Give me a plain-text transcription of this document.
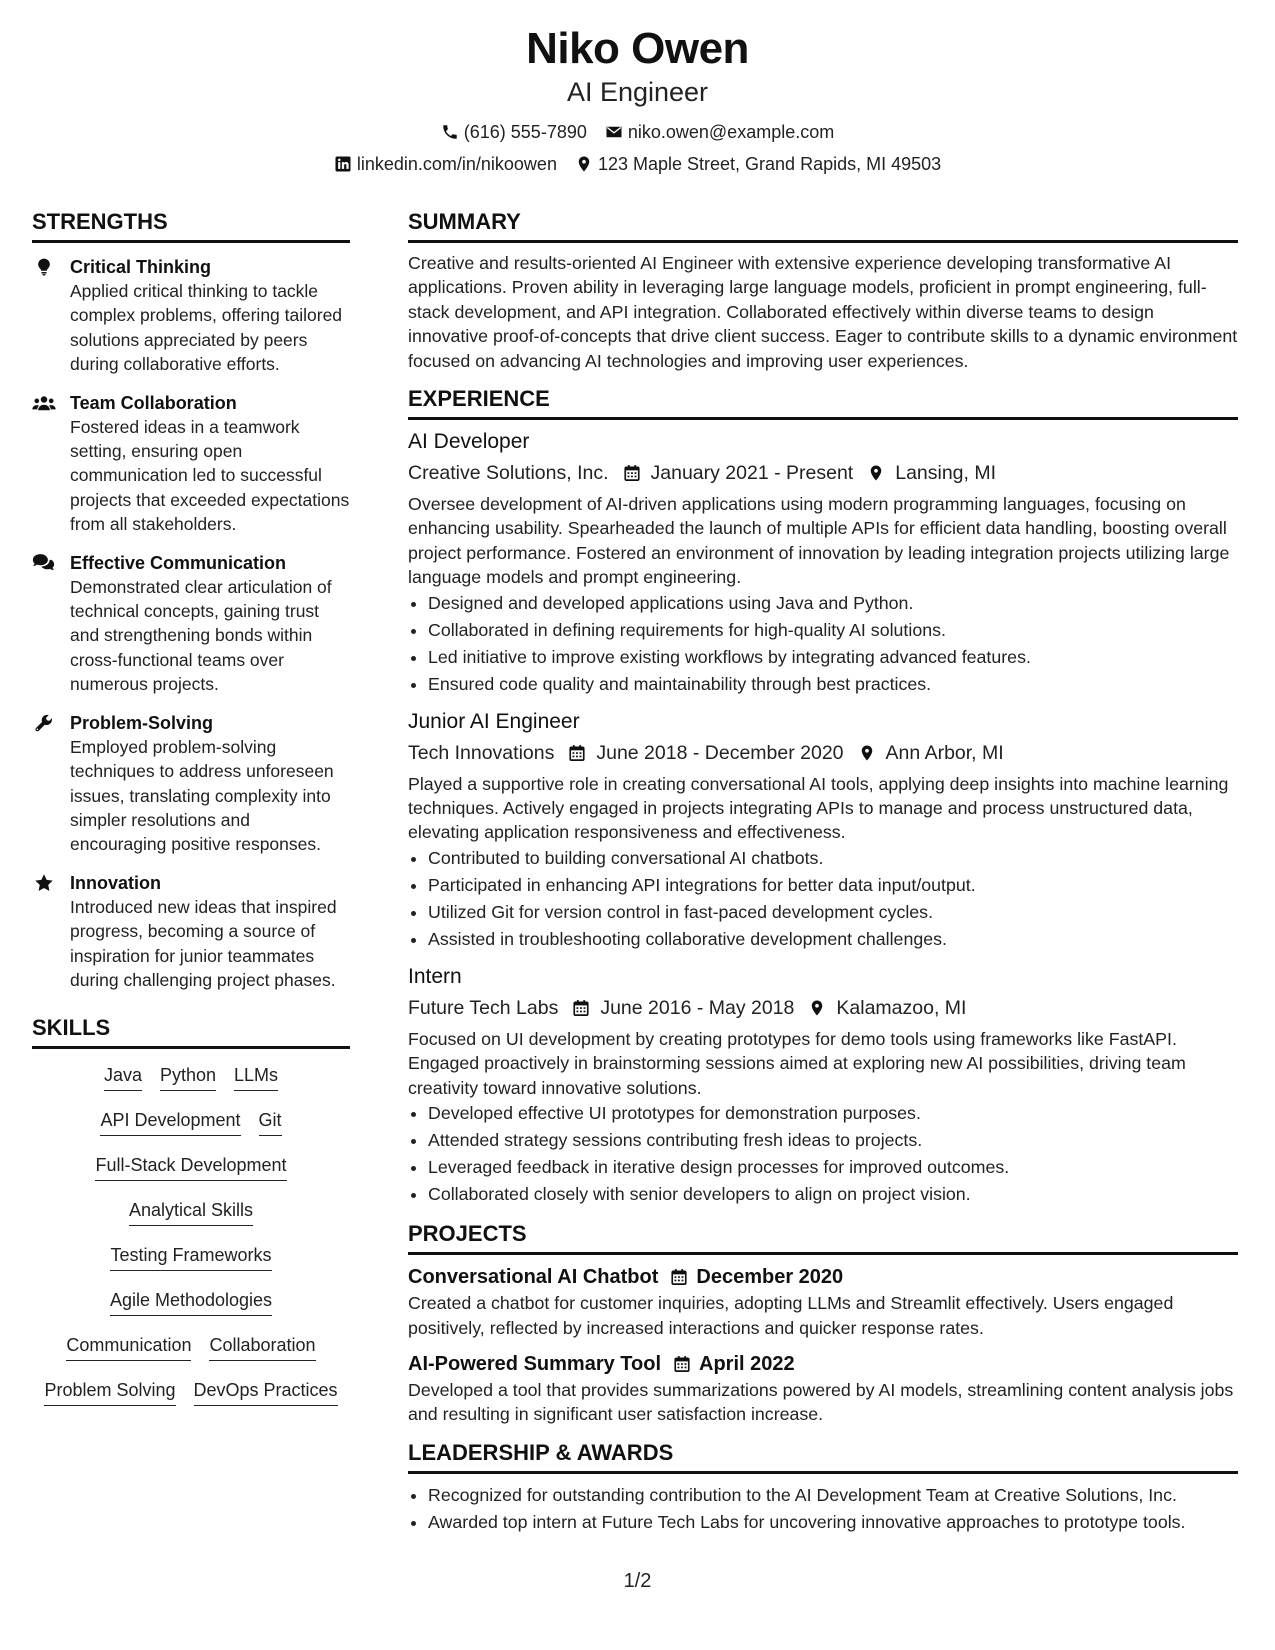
Niko Owen
AI Engineer
(616) 555-7890 niko.owen@example.com
linkedin.com/in/nikoowen 123 Maple Street, Grand Rapids, MI 49503
STRENGTHS
Critical Thinking
Applied critical thinking to tackle complex problems, offering tailored solutions appreciated by peers during collaborative efforts.
Team Collaboration
Fostered ideas in a teamwork setting, ensuring open communication led to successful projects that exceeded expectations from all stakeholders.
Effective Communication
Demonstrated clear articulation of technical concepts, gaining trust and strengthening bonds within cross-functional teams over numerous projects.
Problem-Solving
Employed problem-solving techniques to address unforeseen issues, translating complexity into simpler resolutions and encouraging positive responses.
Innovation
Introduced new ideas that inspired progress, becoming a source of inspiration for junior teammates during challenging project phases.
SKILLS
Java Python LLMs
API Development Git
Full-Stack Development
Analytical Skills
Testing Frameworks
Agile Methodologies
Communication Collaboration
Problem Solving DevOps Practices
SUMMARY

Creative and results-oriented AI Engineer with extensive experience developing transformative AI applications. Proven ability in leveraging large language models, proficient in prompt engineering, full-stack development, and API integration. Collaborated effectively within diverse teams to design innovative proof-of-concepts that drive client success. Eager to contribute skills to a dynamic environment focused on advancing AI technologies and improving user experiences.

EXPERIENCE
AI Developer
Creative Solutions, Inc. January 2021 - Present Lansing, MI

Oversee development of AI-driven applications using modern programming languages, focusing on enhancing usability. Spearheaded the launch of multiple APIs for efficient data handling, boosting overall project performance. Fostered an environment of innovation by leading integration projects utilizing large language models and prompt engineering.

• Designed and developed applications using Java and Python.
• Collaborated in defining requirements for high-quality AI solutions.
• Led initiative to improve existing workflows by integrating advanced features.
• Ensured code quality and maintainability through best practices.
Junior AI Engineer
Tech Innovations June 2018 - December 2020 Ann Arbor, MI

Played a supportive role in creating conversational AI tools, applying deep insights into machine learning techniques. Actively engaged in projects integrating APIs to manage and process unstructured data, elevating application responsiveness and effectiveness.

• Contributed to building conversational AI chatbots.
• Participated in enhancing API integrations for better data input/output.
• Utilized Git for version control in fast-paced development cycles.
• Assisted in troubleshooting collaborative development challenges.
Intern
Future Tech Labs June 2016 - May 2018 Kalamazoo, MI

Focused on UI development by creating prototypes for demo tools using frameworks like FastAPI. Engaged proactively in brainstorming sessions aimed at exploring new AI possibilities, driving team creativity toward innovative solutions.

• Developed effective UI prototypes for demonstration purposes.
• Attended strategy sessions contributing fresh ideas to projects.
• Leveraged feedback in iterative design processes for improved outcomes.
• Collaborated closely with senior developers to align on project vision.
PROJECTS
Conversational AI Chatbot December 2020

Created a chatbot for customer inquiries, adopting LLMs and Streamlit effectively. Users engaged positively, reflected by increased interactions and quicker response rates.

AI-Powered Summary Tool April 2022

Developed a tool that provides summarizations powered by AI models, streamlining content analysis jobs and resulting in significant user satisfaction increase.

LEADERSHIP & AWARDS
• Recognized for outstanding contribution to the AI Development Team at Creative Solutions, Inc.
• Awarded top intern at Future Tech Labs for uncovering innovative approaches to prototype tools.
1/2
